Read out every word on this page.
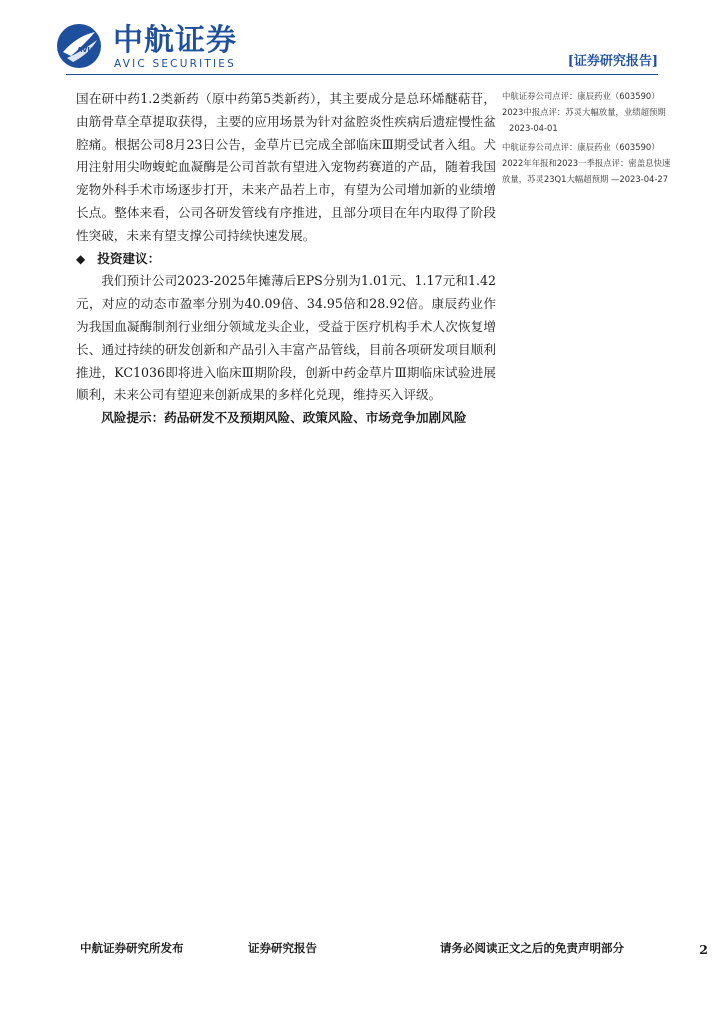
AVIC 中航证券
AVIC SECURITIES	[证券研究报告]

国在研中药1.2类新药（原中药第5类新药），其主要成分是总环烯醚萜苷，由筋骨草全草提取获得，主要的应用场景为针对盆腔炎性疾病后遗症慢性盆腔痛。根据公司8月23日公告，金草片已完成全部临床Ⅲ期受试者入组。犬用注射用尖吻蝮蛇血凝酶是公司首款有望进入宠物药赛道的产品，随着我国宠物外科手术市场逐步打开，未来产品若上市，有望为公司增加新的业绩增长点。整体来看，公司各研发管线有序推进，且部分项目在年内取得了阶段性突破，未来有望支撑公司持续快速发展。

◆ 投资建议：

我们预计公司2023-2025年摊薄后EPS分别为1.01元、1.17元和1.42元，对应的动态市盈率分别为40.09倍、34.95倍和28.92倍。康辰药业作为我国血凝酶制剂行业细分领域龙头企业，受益于医疗机构手术人次恢复增长、通过持续的研发创新和产品引入丰富产品管线，目前各项研发项目顺利推进，KC1036即将进入临床Ⅲ期阶段，创新中药金草片Ⅲ期临床试验进展顺利，未来公司有望迎来创新成果的多样化兑现，维持买入评级。

风险提示：药品研发不及预期风险、政策风险、市场竞争加剧风险

中航证券公司点评：康辰药业（603590）
2023中报点评：苏灵大幅放量，业绩超预期
2023-04-01
中航证券公司点评：康辰药业（603590）
2022年年报和2023一季报点评：密盖息快速
放量，苏灵23Q1大幅超预期 —2023-04-27
中航证券研究所发布	证券研究报告	请务必阅读正文之后的免责声明部分	2
